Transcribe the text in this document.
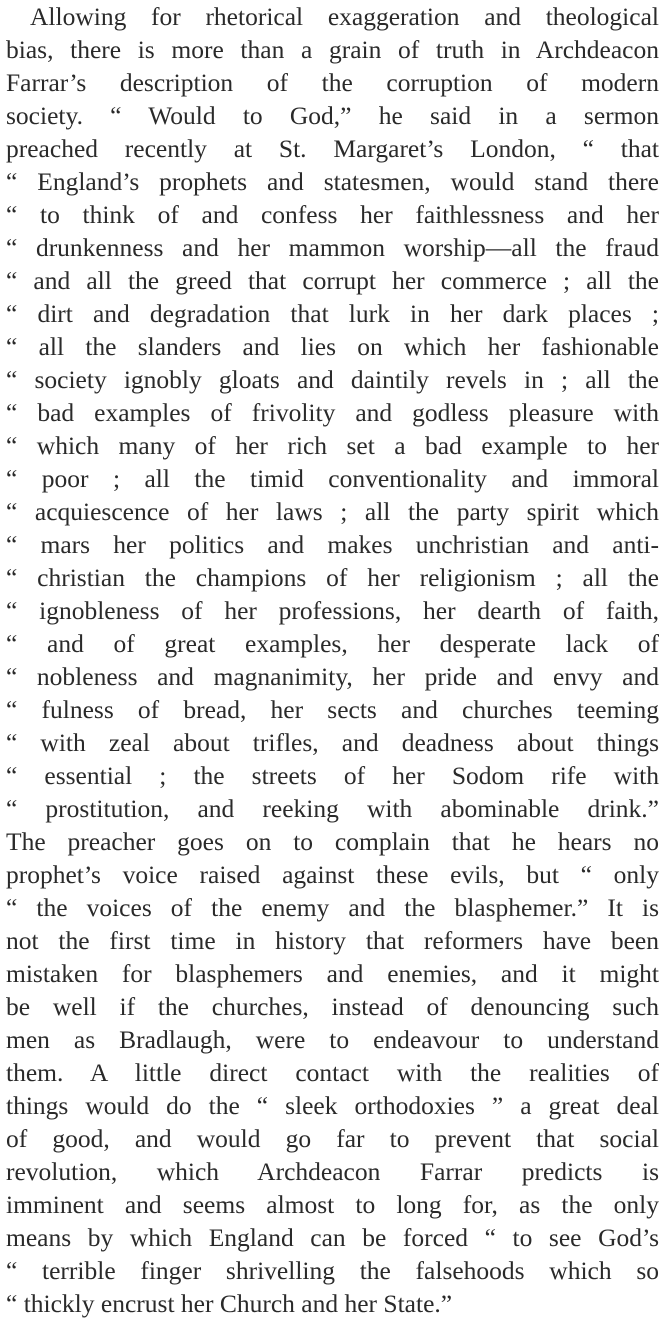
Allowing for rhetorical exaggeration and theological
bias, there is more than a grain of truth in Archdeacon
Farrar’s description of the corruption of modern
society. “ Would to God,” he said in a sermon
preached recently at St. Margaret’s London, “ that
“ England’s prophets and statesmen, would stand there
“ to think of and confess her faithlessness and her
“ drunkenness and her mammon worship—all the fraud
“ and all the greed that corrupt her commerce ; all the
“ dirt and degradation that lurk in her dark places ;
“ all the slanders and lies on which her fashionable
“ society ignobly gloats and daintily revels in ; all the
“ bad examples of frivolity and godless pleasure with
“ which many of her rich set a bad example to her
“ poor ; all the timid conventionality and immoral
“ acquiescence of her laws ; all the party spirit which
“ mars her politics and makes unchristian and anti-
“ christian the champions of her religionism ; all the
“ ignobleness of her professions, her dearth of faith,
“ and of great examples, her desperate lack of
“ nobleness and magnanimity, her pride and envy and
“ fulness of bread, her sects and churches teeming
“ with zeal about trifles, and deadness about things
“ essential ; the streets of her Sodom rife with
“ prostitution, and reeking with abominable drink.”
The preacher goes on to complain that he hears no
prophet’s voice raised against these evils, but “ only
“ the voices of the enemy and the blasphemer.” It is
not the first time in history that reformers have been
mistaken for blasphemers and enemies, and it might
be well if the churches, instead of denouncing such
men as Bradlaugh, were to endeavour to understand
them. A little direct contact with the realities of
things would do the “ sleek orthodoxies ” a great deal
of good, and would go far to prevent that social
revolution, which Archdeacon Farrar predicts is
imminent and seems almost to long for, as the only
means by which England can be forced “ to see God’s
“ terrible finger shrivelling the falsehoods which so
“ thickly encrust her Church and her State.”
